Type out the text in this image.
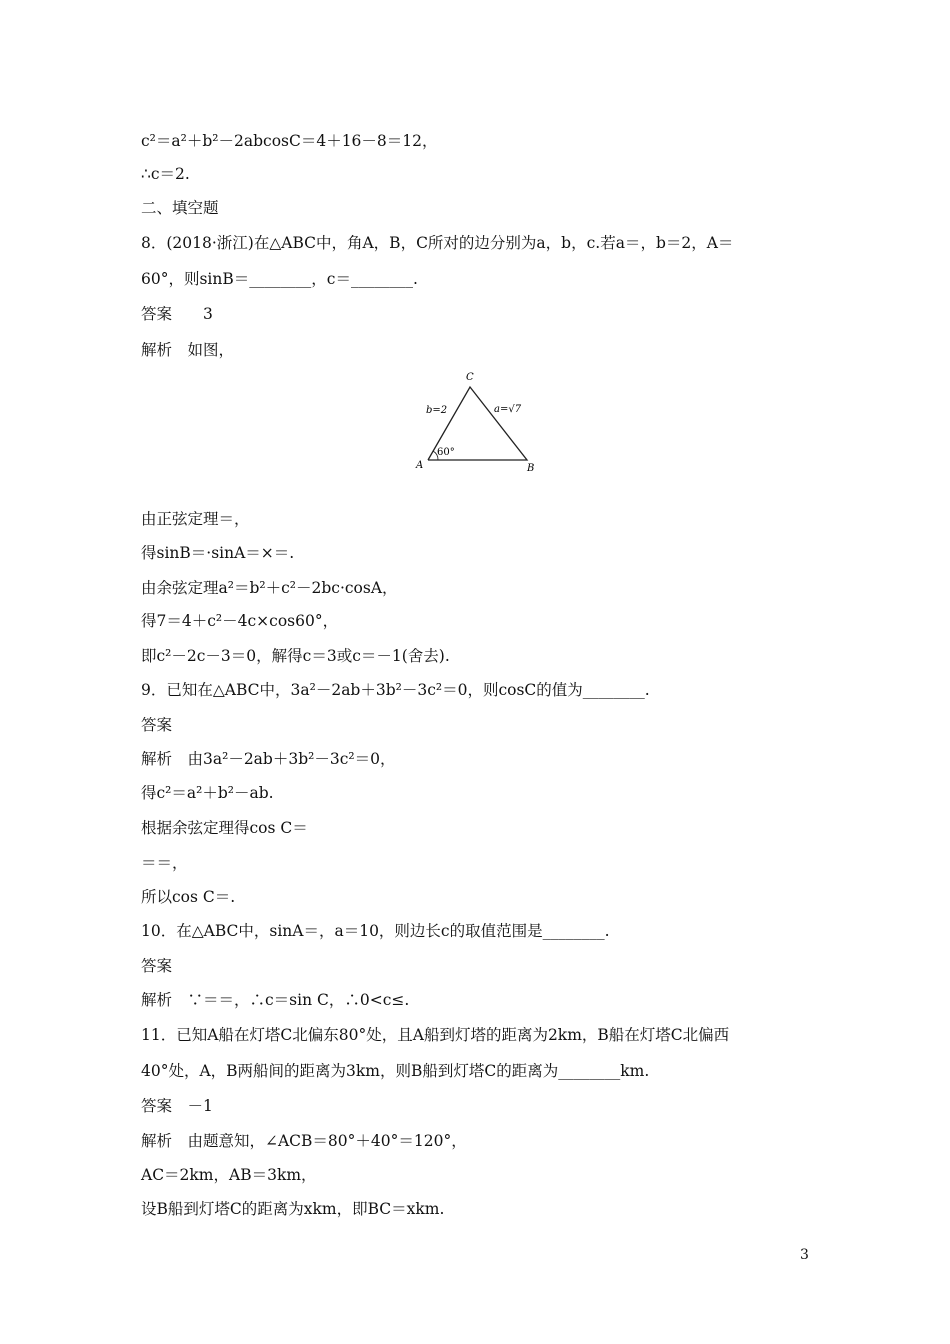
c²＝a²＋b²－2abcosC＝4＋16－8＝12，
∴c＝2.
二、填空题
8．(2018·浙江)在△ABC中，角A，B，C所对的边分别为a，b，c.若a＝，b＝2，A＝
60°，则sinB＝________，c＝________.
答案　　3
解析　如图，
C
b=2	a=√7
60°
A	B
由正弦定理＝，
得sinB＝·sinA＝×＝.
由余弦定理a²＝b²＋c²－2bc·cosA，
得7＝4＋c²－4c×cos60°，
即c²－2c－3＝0，解得c＝3或c＝－1(舍去).
9．已知在△ABC中，3a²－2ab＋3b²－3c²＝0，则cosC的值为________.
答案
解析　由3a²－2ab＋3b²－3c²＝0，
得c²＝a²＋b²－ab.
根据余弦定理得cos C＝
＝＝，
所以cos C＝.
10．在△ABC中，sinA＝，a＝10，则边长c的取值范围是________.
答案
解析　∵＝＝，∴c＝sin C，∴0<c≤.
11．已知A船在灯塔C北偏东80°处，且A船到灯塔的距离为2km，B船在灯塔C北偏西
40°处，A，B两船间的距离为3km，则B船到灯塔C的距离为________km.
答案　－1
解析　由题意知，∠ACB＝80°＋40°＝120°，
AC＝2km，AB＝3km，
设B船到灯塔C的距离为xkm，即BC＝xkm.
3
